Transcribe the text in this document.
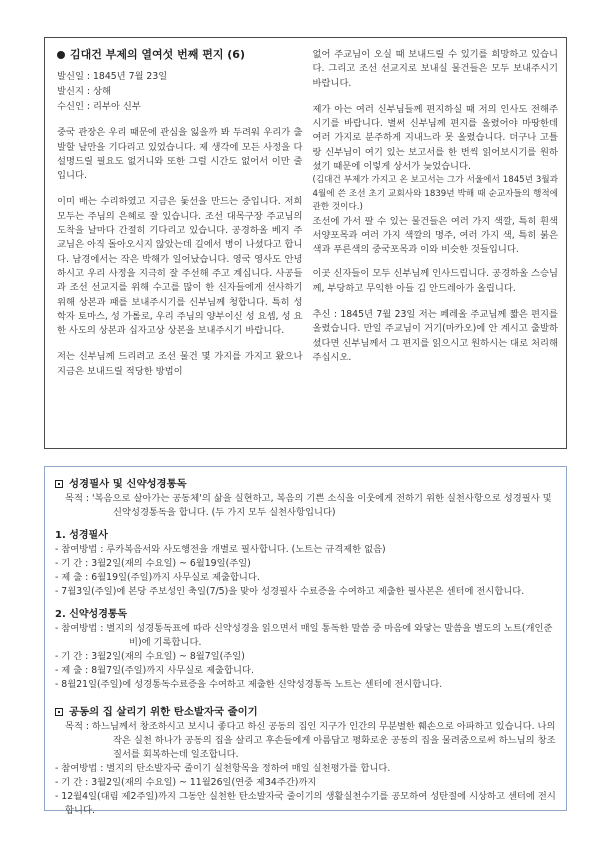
김대건 부제의 열여섯 번째 편지 (6)
발신일 : 1845년 7월 23일
발신지 : 상해
수신인 : 리부아 신부

중국 관장은 우리 때문에 관심을 잃을까 봐 두려워 우리가 출발할 날만을 기다리고 있었습니다. 제 생각에 모든 사정을 다 설명드릴 필요도 없거니와 또한 그럴 시간도 없어서 이만 줄입니다.

이미 배는 수리하였고 지금은 돛선을 만드는 중입니다. 저희 모두는 주님의 은혜로 잘 있습니다. 조선 대목구장 주교님의 도착을 날마다 간절히 기다리고 있습니다. 공경하올 베지 주교님은 아직 돌아오시지 않았는데 길에서 병이 나셨다고 합니다. 남경에서는 작은 박해가 일어났습니다. 영국 영사도 안녕하시고 우리 사정을 지극히 잘 주선해 주고 계십니다. 사공들과 조선 선교지를 위해 수고를 많이 한 신자들에게 선사하기 위해 상본과 패를 보내주시기를 신부님께 청합니다. 특히 성학자 토마스, 성 가롤로, 우리 주님의 양부이신 성 요셉, 성 요한 사도의 상본과 십자고상 상본을 보내주시기 바랍니다.

저는 신부님께 드리려고 조선 물건 몇 가지를 가지고 왔으나 지금은 보내드릴 적당한 방법이

없어 주교님이 오실 때 보내드릴 수 있기를 희망하고 있습니다. 그리고 조선 선교지로 보내실 물건들은 모두 보내주시기 바랍니다.

제가 아는 여러 신부님들께 편지하실 때 저의 인사도 전해주시기를 바랍니다. 별써 신부님께 편지를 올렸어야 마땅한데 여러 가지로 분주하게 지내느라 못 올렸습니다. 더구나 고틀랑 신부님이 여기 있는 보고서를 한 번씩 읽어보시기를 원하셨기 때문에 이렇게 상서가 늦었습니다.
(김대건 부제가 가지고 온 보고서는 그가 서울에서 1845년 3월과 4월에 쓴 조선 초기 교회사와 1839년 박해 때 순교자들의 행적에 관한 것이다.)
조선에 가서 팔 수 있는 물건들은 여러 가지 색깔, 특히 흰색 서양포목과 여러 가지 색깔의 명주, 여러 가지 색, 특히 붉은색과 푸른색의 중국포목과 이와 비슷한 것들입니다.

이곳 신자들이 모두 신부님께 인사드립니다. 공경하올 스승님께, 부당하고 무익한 아들 김 안드레아가 올립니다.

추신 : 1845년 7월 23일 저는 페레올 주교님께 짧은 편지를 올렸습니다. 만일 주교님이 거기(마카오)에 안 계시고 출발하셨다면 신부님께서 그 편지를 읽으시고 원하시는 대로 처리해 주십시오.

성경필사 및 신약성경통독
목적 : '복음으로 살아가는 공동체'의 삶을 실현하고, 복음의 기쁜 소식을 이웃에게 전하기 위한 실천사항으로 성경필사 및 신약성경통독을 합니다. (두 가지 모두 실천사항입니다)
1. 성경필사
- 참여방법 : 루카복음서와 사도행전을 개별로 필사합니다. (노트는 규격제한 없음)
- 기 간 : 3월2일(재의 수요일) ~ 6월19일(주일)
- 제 출 : 6월19일(주일)까지 사무실로 제출합니다.
- 7월3일(주일)에 본당 주보성인 축일(7/5)을 맞아 성경필사 수료증을 수여하고 제출한 필사본은 센터에 전시합니다.
2. 신약성경통독
- 참여방법 : 별지의 성경통독표에 따라 신약성경을 읽으면서 매일 통독한 말씀 중 마음에 와닿는 말씀을 별도의 노트(개인준비)에 기록합니다.
- 기 간 : 3월2일(재의 수요일) ~ 8월7일(주일)
- 제 출 : 8월7일(주일)까지 사무실로 제출합니다.
- 8월21일(주일)에 성경통독수료증을 수여하고 제출한 신약성경통독 노트는 센터에 전시합니다.
공동의 집 살리기 위한 탄소발자국 줄이기
목적 : 하느님께서 창조하시고 보시니 좋다고 하신 공동의 집인 지구가 인간의 무분별한 훼손으로 아파하고 있습니다. 나의 작은 실천 하나가 공동의 집을 살리고 후손들에게 아름답고 평화로운 공동의 집을 물려줌으로써 하느님의 창조질서를 회복하는데 일조합니다.
- 참여방법 : 별지의 탄소발자국 줄이기 실천항목을 정하여 매일 실천평가를 합니다.
- 기 간 : 3월2일(재의 수요일) ~ 11월26일(연중 제34주간)까지
- 12월4일(대림 제2주일)까지 그동안 실천한 탄소발자국 줄이기의 생활실천수기를 공모하여 성탄절에 시상하고 센터에 전시합니다.
